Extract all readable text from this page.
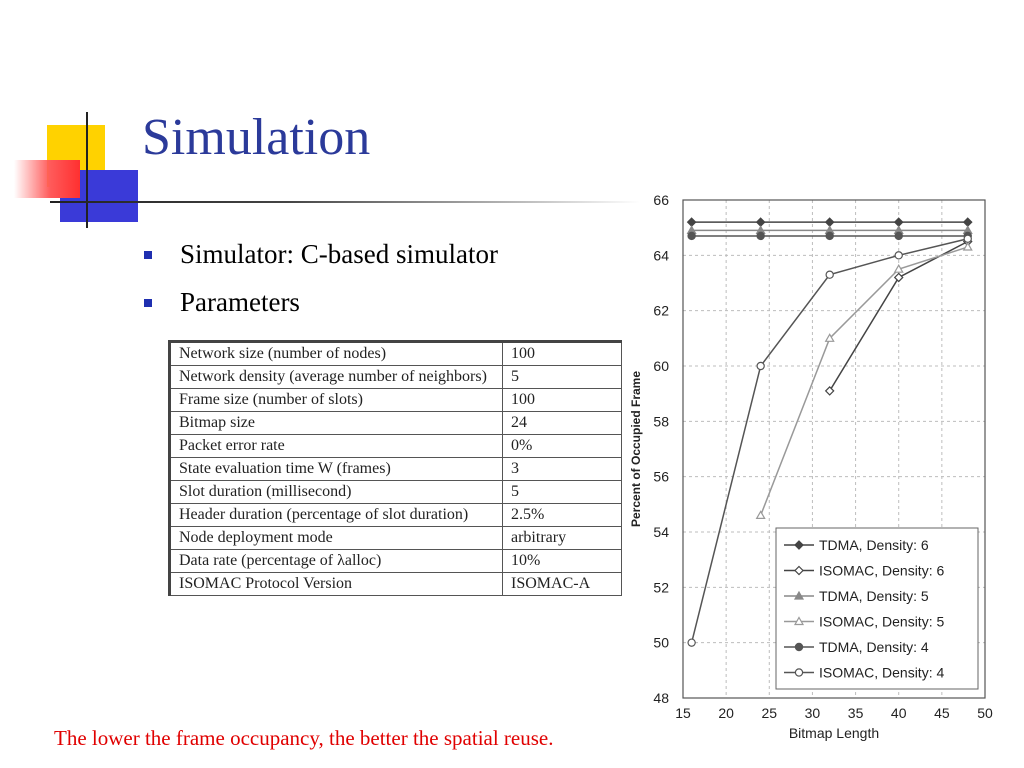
Simulation
Simulator: C-based simulator
Parameters
Network size (number of nodes)	100
Network density (average number of neighbors)	5
Frame size (number of slots)	100
Bitmap size	24
Packet error rate	0%
State evaluation time W (frames)	3
Slot duration (millisecond)	5
Header duration (percentage of slot duration)	2.5%
Node deployment mode	arbitrary
Data rate (percentage of λalloc)	10%
ISOMAC Protocol Version	ISOMAC-A

The lower the frame occupancy, the better the spatial reuse.

15 20 25 30 35 40 45 50
48
50
52
54
56
58
60
62
64
66
Bitmap Length
Percent of Occupied Frame
TDMA, Density: 6
ISOMAC, Density: 6
TDMA, Density: 5
ISOMAC, Density: 5
TDMA, Density: 4
ISOMAC, Density: 4
